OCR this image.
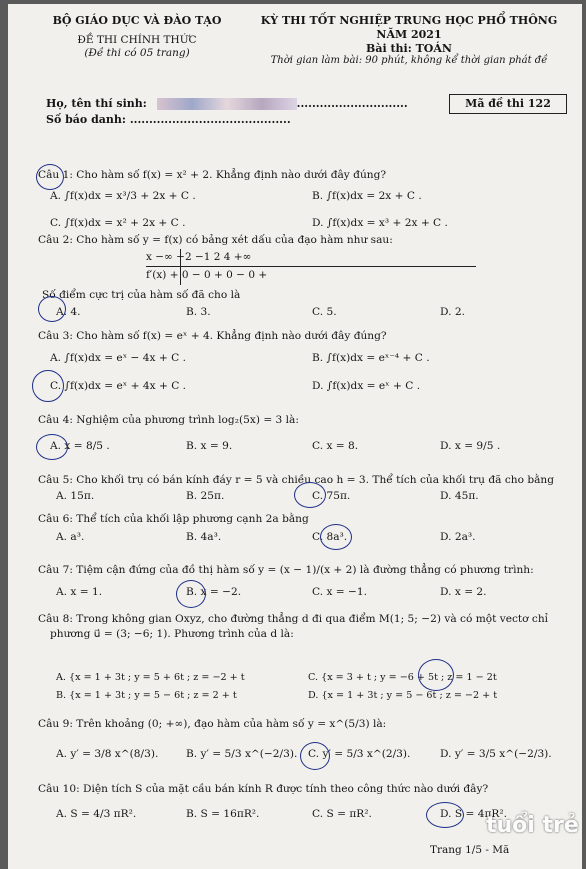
BỘ GIÁO DỤC VÀ ĐÀO TẠO
ĐỀ THI CHÍNH THỨC
(Đề thi có 05 trang)
KỲ THI TỐT NGHIỆP TRUNG HỌC PHỔ THÔNG NĂM 2021
Bài thi: TOÁN
Thời gian làm bài: 90 phút, không kể thời gian phát đề
Họ, tên thí sinh:	.............................
Số báo danh: ..........................................
Mã đề thi 122
Câu 1: Cho hàm số f(x) = x² + 2. Khẳng định nào dưới đây đúng?
A. ∫f(x)dx = x³/3 + 2x + C .	B. ∫f(x)dx = 2x + C .
C. ∫f(x)dx = x² + 2x + C .	D. ∫f(x)dx = x³ + 2x + C .
Câu 2: Cho hàm số y = f(x) có bảng xét dấu của đạo hàm như sau:
x −∞ −2 −1 2 4 +∞
f′(x) + 0 − 0 + 0 − 0 +
Số điểm cực trị của hàm số đã cho là
A. 4.	B. 3.	C. 5.	D. 2.
Câu 3: Cho hàm số f(x) = eˣ + 4. Khẳng định nào dưới đây đúng?
A. ∫f(x)dx = eˣ − 4x + C .	B. ∫f(x)dx = eˣ⁻⁴ + C .
C. ∫f(x)dx = eˣ + 4x + C .	D. ∫f(x)dx = eˣ + C .
Câu 4: Nghiệm của phương trình log₂(5x) = 3 là:
A. x = 8/5 .	B. x = 9.	C. x = 8.	D. x = 9/5 .
Câu 5: Cho khối trụ có bán kính đáy r = 5 và chiều cao h = 3. Thể tích của khối trụ đã cho bằng
A. 15π.	B. 25π.	C. 75π.	D. 45π.
Câu 6: Thể tích của khối lập phương cạnh 2a bằng
A. a³.	B. 4a³.	C. 8a³.	D. 2a³.
Câu 7: Tiệm cận đứng của đồ thị hàm số y = (x − 1)/(x + 2) là đường thẳng có phương trình:
A. x = 1.	B. x = −2.	C. x = −1.	D. x = 2.
Câu 8: Trong không gian Oxyz, cho đường thẳng d đi qua điểm M(1; 5; −2) và có một vectơ chỉ
phương u⃗ = (3; −6; 1). Phương trình của d là:
A. {x = 1 + 3t ; y = 5 + 6t ; z = −2 + t
B. {x = 1 + 3t ; y = 5 − 6t ; z = 2 + t
C. {x = 3 + t ; y = −6 + 5t ; z = 1 − 2t
D. {x = 1 + 3t ; y = 5 − 6t ; z = −2 + t
Câu 9: Trên khoảng (0; +∞), đạo hàm của hàm số y = x^(5/3) là:
A. y′ = 3/8 x^(8/3).	B. y′ = 5/3 x^(−2/3). C. y′ = 5/3 x^(2/3).	D. y′ = 3/5 x^(−2/3).
Câu 10: Diện tích S của mặt cầu bán kính R được tính theo công thức nào dưới đây?
A. S = 4/3 πR².	B. S = 16πR².	C. S = πR².	D. S = 4πR².
Trang 1/5 - Mã
tuổi trẻ
